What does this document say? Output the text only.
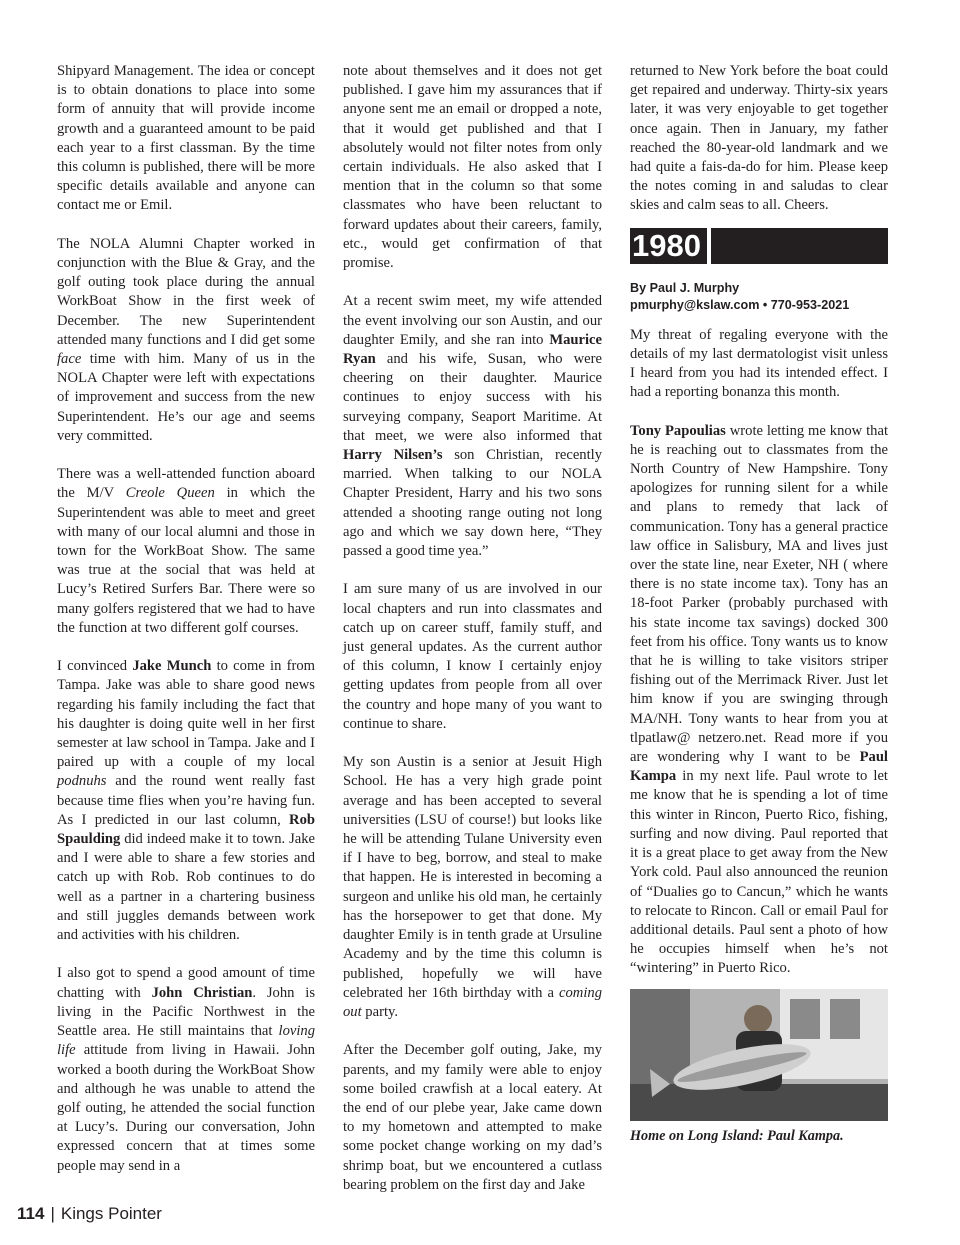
Shipyard Management. The idea or concept is to obtain donations to place into some form of annuity that will provide income growth and a guaranteed amount to be paid each year to a first classman. By the time this column is published, there will be more specific details available and anyone can contact me or Emil.

The NOLA Alumni Chapter worked in conjunction with the Blue & Gray, and the golf outing took place during the annual WorkBoat Show in the first week of December. The new Superintendent attended many functions and I did get some face time with him. Many of us in the NOLA Chapter were left with expectations of improvement and success from the new Superintendent. He’s our age and seems very committed.

There was a well-attended function aboard the M/V Creole Queen in which the Superintendent was able to meet and greet with many of our local alumni and those in town for the WorkBoat Show. The same was true at the social that was held at Lucy’s Retired Surfers Bar. There were so many golfers registered that we had to have the function at two different golf courses.

I convinced Jake Munch to come in from Tampa. Jake was able to share good news regarding his family including the fact that his daughter is doing quite well in her first semester at law school in Tampa. Jake and I paired up with a couple of my local podnuhs and the round went really fast because time flies when you’re having fun. As I predicted in our last column, Rob Spaulding did indeed make it to town. Jake and I were able to share a few stories and catch up with Rob. Rob continues to do well as a partner in a chartering business and still juggles demands between work and activities with his children.

I also got to spend a good amount of time chatting with John Christian. John is living in the Pacific Northwest in the Seattle area. He still maintains that loving life attitude from living in Hawaii. John worked a booth during the WorkBoat Show and although he was unable to attend the golf outing, he attended the social function at Lucy’s. During our conversation, John expressed concern that at times some people may send in a

note about themselves and it does not get published. I gave him my assurances that if anyone sent me an email or dropped a note, that it would get published and that I absolutely would not filter notes from only certain individuals. He also asked that I mention that in the column so that some classmates who have been reluctant to forward updates about their careers, family, etc., would get confirmation of that promise.

At a recent swim meet, my wife attended the event involving our son Austin, and our daughter Emily, and she ran into Maurice Ryan and his wife, Susan, who were cheering on their daughter. Maurice continues to enjoy success with his surveying company, Seaport Maritime. At that meet, we were also informed that Harry Nilsen’s son Christian, recently married. When talking to our NOLA Chapter President, Harry and his two sons attended a shooting range outing not long ago and which we say down here, “They passed a good time yea.”

I am sure many of us are involved in our local chapters and run into classmates and catch up on career stuff, family stuff, and just general updates. As the current author of this column, I know I certainly enjoy getting updates from people from all over the country and hope many of you want to continue to share.

My son Austin is a senior at Jesuit High School. He has a very high grade point average and has been accepted to several universities (LSU of course!) but looks like he will be attending Tulane University even if I have to beg, borrow, and steal to make that happen. He is interested in becoming a surgeon and unlike his old man, he certainly has the horsepower to get that done. My daughter Emily is in tenth grade at Ursuline Academy and by the time this column is published, hopefully we will have celebrated her 16th birthday with a coming out party.

After the December golf outing, Jake, my parents, and my family were able to enjoy some boiled crawfish at a local eatery. At the end of our plebe year, Jake came down to my hometown and attempted to make some pocket change working on my dad’s shrimp boat, but we encountered a cutlass bearing problem on the first day and Jake

returned to New York before the boat could get repaired and underway. Thirty-six years later, it was very enjoyable to get together once again. Then in January, my father reached the 80-year-old landmark and we had quite a fais-da-do for him. Please keep the notes coming in and saludas to clear skies and calm seas to all. Cheers.

1980
By Paul J. Murphy
pmurphy@kslaw.com • 770-953-2021

My threat of regaling everyone with the details of my last dermatologist visit unless I heard from you had its intended effect. I had a reporting bonanza this month.

Tony Papoulias wrote letting me know that he is reaching out to classmates from the North Country of New Hampshire. Tony apologizes for running silent for a while and plans to remedy that lack of communication. Tony has a general practice law office in Salisbury, MA and lives just over the state line, near Exeter, NH ( where there is no state income tax). Tony has an 18-foot Parker (probably purchased with his state income tax savings) docked 300 feet from his office. Tony wants us to know that he is willing to take visitors striper fishing out of the Merrimack River. Just let him know if you are swinging through MA/NH. Tony wants to hear from you at tlpatlaw@ netzero.net. Read more if you are wondering why I want to be Paul Kampa in my next life. Paul wrote to let me know that he is spending a lot of time this winter in Rincon, Puerto Rico, fishing, surfing and now diving. Paul reported that it is a great place to get away from the New York cold. Paul also announced the reunion of “Dualies go to Cancun,” which he wants to relocate to Rincon. Call or email Paul for additional details. Paul sent a photo of how he occupies himself when he’s not “wintering” in Puerto Rico.

Home on Long Island: Paul Kampa.
114 | Kings Pointer
